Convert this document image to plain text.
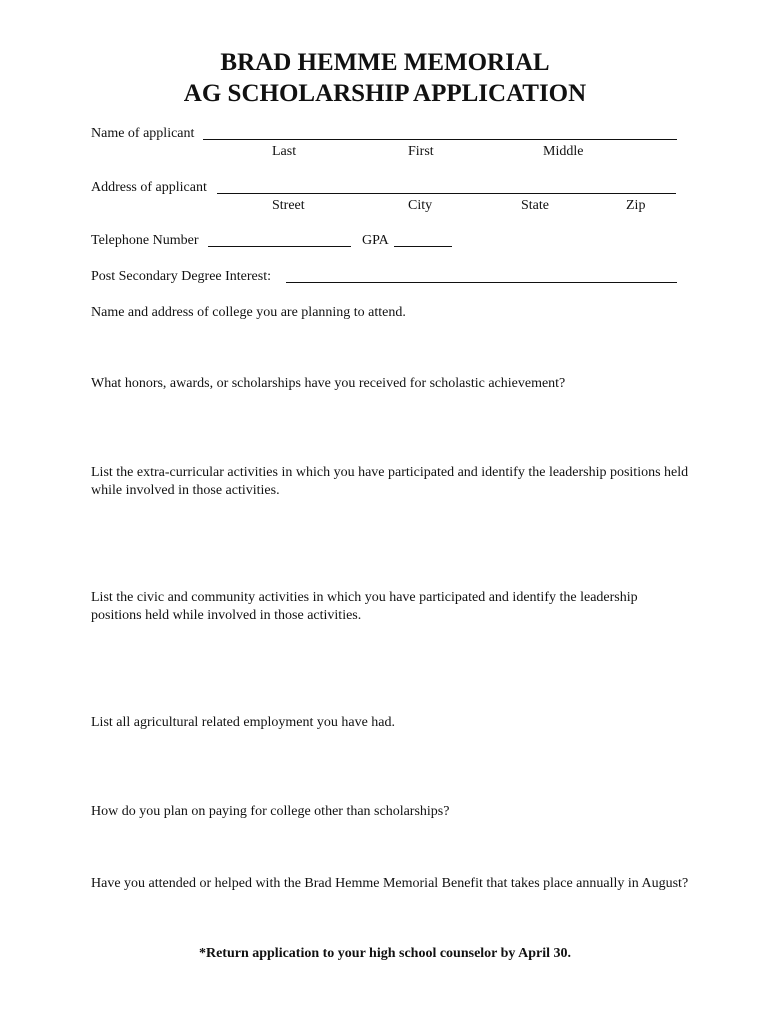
BRAD HEMME MEMORIAL
AG SCHOLARSHIP APPLICATION
Name of applicant
Last	First	Middle
Address of applicant
Street	City	State	Zip
Telephone Number	GPA
Post Secondary Degree Interest:
Name and address of college you are planning to attend.
What honors, awards, or scholarships have you received for scholastic achievement?
List the extra-curricular activities in which you have participated and identify the leadership positions held while involved in those activities.
List the civic and community activities in which you have participated and identify the leadership positions held while involved in those activities.
List all agricultural related employment you have had.
How do you plan on paying for college other than scholarships?
Have you attended or helped with the Brad Hemme Memorial Benefit that takes place annually in August?
*Return application to your high school counselor by April 30.
